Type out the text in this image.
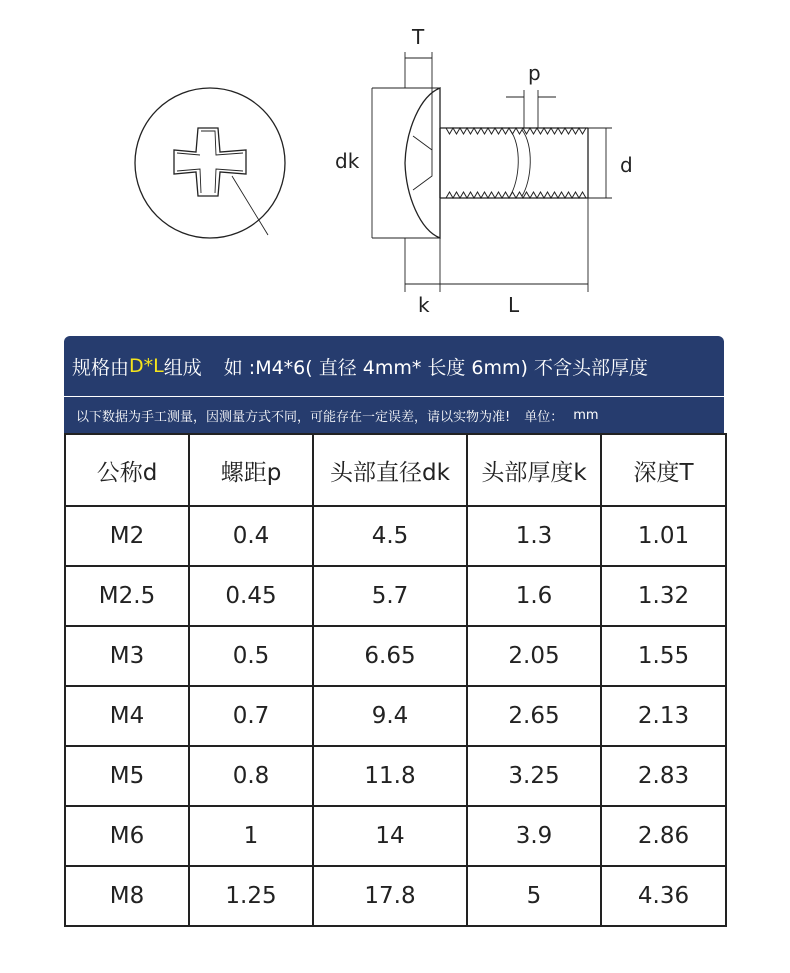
T
p
dk	d
k	L
规格由 D*L 组成 如 :M4*6( 直径 4mm* 长度 6mm) 不含头部厚度
以下数据为手工测量，因测量方式不同，可能存在一定误差，请以实物为准! 单位： mm
公称d	螺距p	头部直径dk	头部厚度k	深度T
M2	0.4	4.5	1.3	1.01
M2.5	0.45	5.7	1.6	1.32
M3	0.5	6.65	2.05	1.55
M4	0.7	9.4	2.65	2.13
M5	0.8	11.8	3.25	2.83
M6	1	14	3.9	2.86
M8	1.25	17.8	5	4.36
